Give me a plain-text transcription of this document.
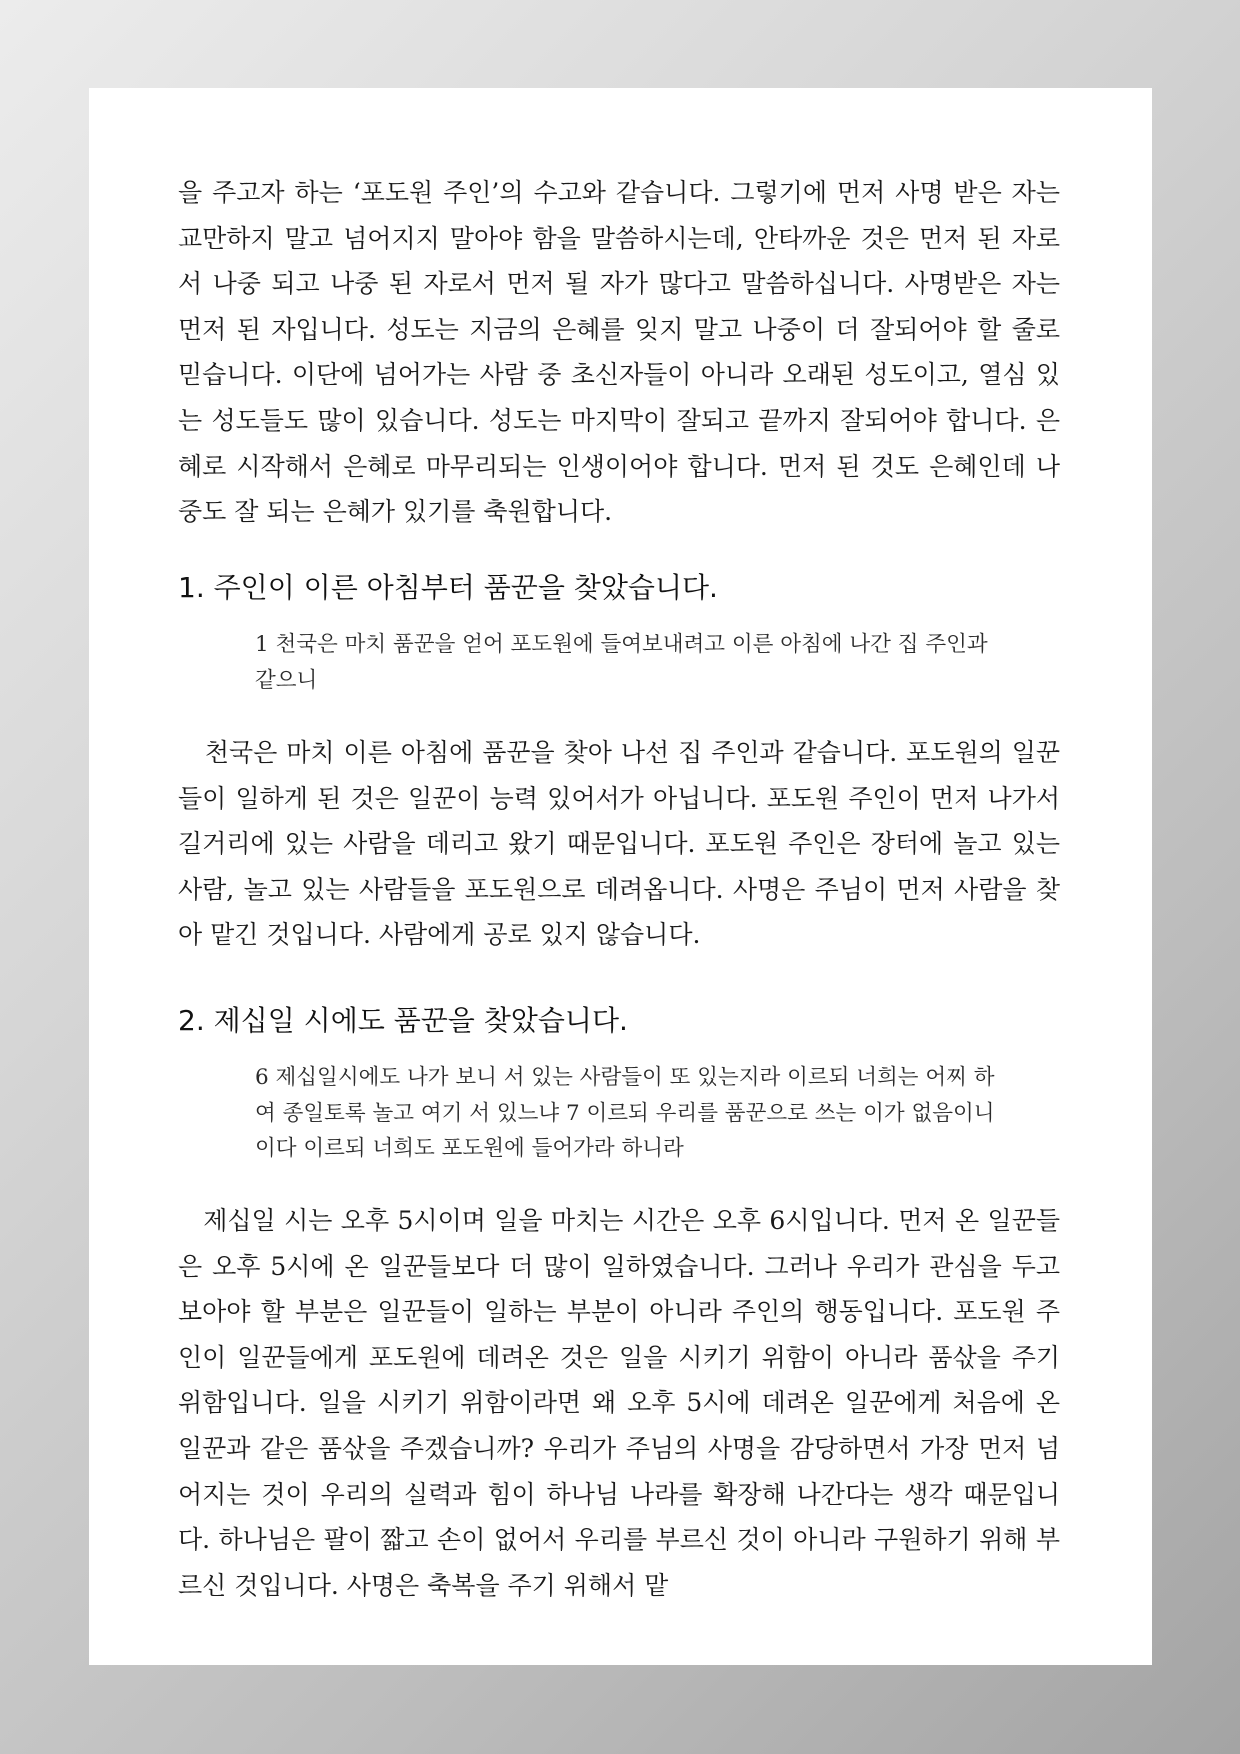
을 주고자 하는 ‘포도원 주인’의 수고와 같습니다. 그렇기에 먼저 사명 받은 자는 교만하지 말고 넘어지지 말아야 함을 말씀하시는데, 안타까운 것은 먼저 된 자로서 나중 되고 나중 된 자로서 먼저 될 자가 많다고 말씀하십니다. 사명받은 자는 먼저 된 자입니다. 성도는 지금의 은혜를 잊지 말고 나중이 더 잘되어야 할 줄로 믿습니다. 이단에 넘어가는 사람 중 초신자들이 아니라 오래된 성도이고, 열심 있는 성도들도 많이 있습니다. 성도는 마지막이 잘되고 끝까지 잘되어야 합니다. 은혜로 시작해서 은혜로 마무리되는 인생이어야 합니다. 먼저 된 것도 은혜인데 나중도 잘 되는 은혜가 있기를 축원합니다.

1. 주인이 이른 아침부터 품꾼을 찾았습니다.

1 천국은 마치 품꾼을 얻어 포도원에 들여보내려고 이른 아침에 나간 집 주인과 같으니

천국은 마치 이른 아침에 품꾼을 찾아 나선 집 주인과 같습니다. 포도원의 일꾼들이 일하게 된 것은 일꾼이 능력 있어서가 아닙니다. 포도원 주인이 먼저 나가서 길거리에 있는 사람을 데리고 왔기 때문입니다. 포도원 주인은 장터에 놀고 있는 사람, 놀고 있는 사람들을 포도원으로 데려옵니다. 사명은 주님이 먼저 사람을 찾아 맡긴 것입니다. 사람에게 공로 있지 않습니다.

2. 제십일 시에도 품꾼을 찾았습니다.

6 제십일시에도 나가 보니 서 있는 사람들이 또 있는지라 이르되 너희는 어찌 하여 종일토록 놀고 여기 서 있느냐 7 이르되 우리를 품꾼으로 쓰는 이가 없음이니이다 이르되 너희도 포도원에 들어가라 하니라

제십일 시는 오후 5시이며 일을 마치는 시간은 오후 6시입니다. 먼저 온 일꾼들은 오후 5시에 온 일꾼들보다 더 많이 일하였습니다. 그러나 우리가 관심을 두고 보아야 할 부분은 일꾼들이 일하는 부분이 아니라 주인의 행동입니다. 포도원 주인이 일꾼들에게 포도원에 데려온 것은 일을 시키기 위함이 아니라 품삯을 주기 위함입니다. 일을 시키기 위함이라면 왜 오후 5시에 데려온 일꾼에게 처음에 온 일꾼과 같은 품삯을 주겠습니까? 우리가 주님의 사명을 감당하면서 가장 먼저 넘어지는 것이 우리의 실력과 힘이 하나님 나라를 확장해 나간다는 생각 때문입니다. 하나님은 팔이 짧고 손이 없어서 우리를 부르신 것이 아니라 구원하기 위해 부르신 것입니다. 사명은 축복을 주기 위해서 맡
